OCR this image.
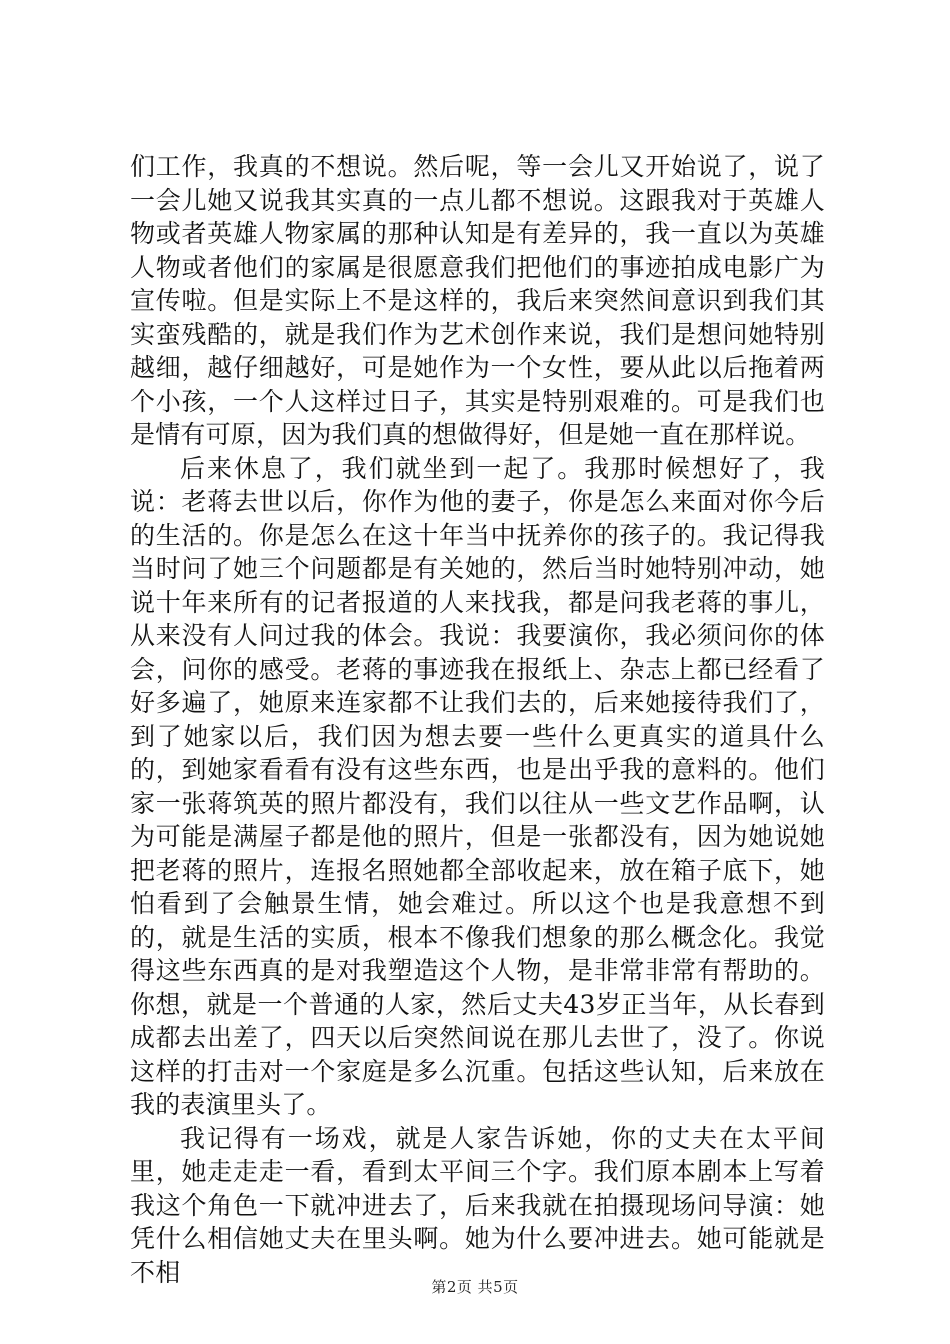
们工作，我真的不想说。然后呢，等一会儿又开始说了，说了一会儿她又说我其实真的一点儿都不想说。这跟我对于英雄人物或者英雄人物家属的那种认知是有差异的，我一直以为英雄人物或者他们的家属是很愿意我们把他们的事迹拍成电影广为宣传啦。但是实际上不是这样的，我后来突然间意识到我们其实蛮残酷的，就是我们作为艺术创作来说，我们是想问她特别越细，越仔细越好，可是她作为一个女性，要从此以后拖着两个小孩，一个人这样过日子，其实是特别艰难的。可是我们也是情有可原，因为我们真的想做得好，但是她一直在那样说。

后来休息了，我们就坐到一起了。我那时候想好了，我说：老蒋去世以后，你作为他的妻子，你是怎么来面对你今后的生活的。你是怎么在这十年当中抚养你的孩子的。我记得我当时问了她三个问题都是有关她的，然后当时她特别冲动，她说十年来所有的记者报道的人来找我，都是问我老蒋的事儿，从来没有人问过我的体会。我说：我要演你，我必须问你的体会，问你的感受。老蒋的事迹我在报纸上、杂志上都已经看了好多遍了，她原来连家都不让我们去的，后来她接待我们了，到了她家以后，我们因为想去要一些什么更真实的道具什么的，到她家看看有没有这些东西，也是出乎我的意料的。他们家一张蒋筑英的照片都没有，我们以往从一些文艺作品啊，认为可能是满屋子都是他的照片，但是一张都没有，因为她说她把老蒋的照片，连报名照她都全部收起来，放在箱子底下，她怕看到了会触景生情，她会难过。所以这个也是我意想不到的，就是生活的实质，根本不像我们想象的那么概念化。我觉得这些东西真的是对我塑造这个人物，是非常非常有帮助的。你想，就是一个普通的人家，然后丈夫43岁正当年，从长春到成都去出差了，四天以后突然间说在那儿去世了，没了。你说这样的打击对一个家庭是多么沉重。包括这些认知，后来放在我的表演里头了。

我记得有一场戏，就是人家告诉她，你的丈夫在太平间里，她走走走一看，看到太平间三个字。我们原本剧本上写着我这个角色一下就冲进去了，后来我就在拍摄现场问导演：她凭什么相信她丈夫在里头啊。她为什么要冲进去。她可能就是不相

第2页 共5页
